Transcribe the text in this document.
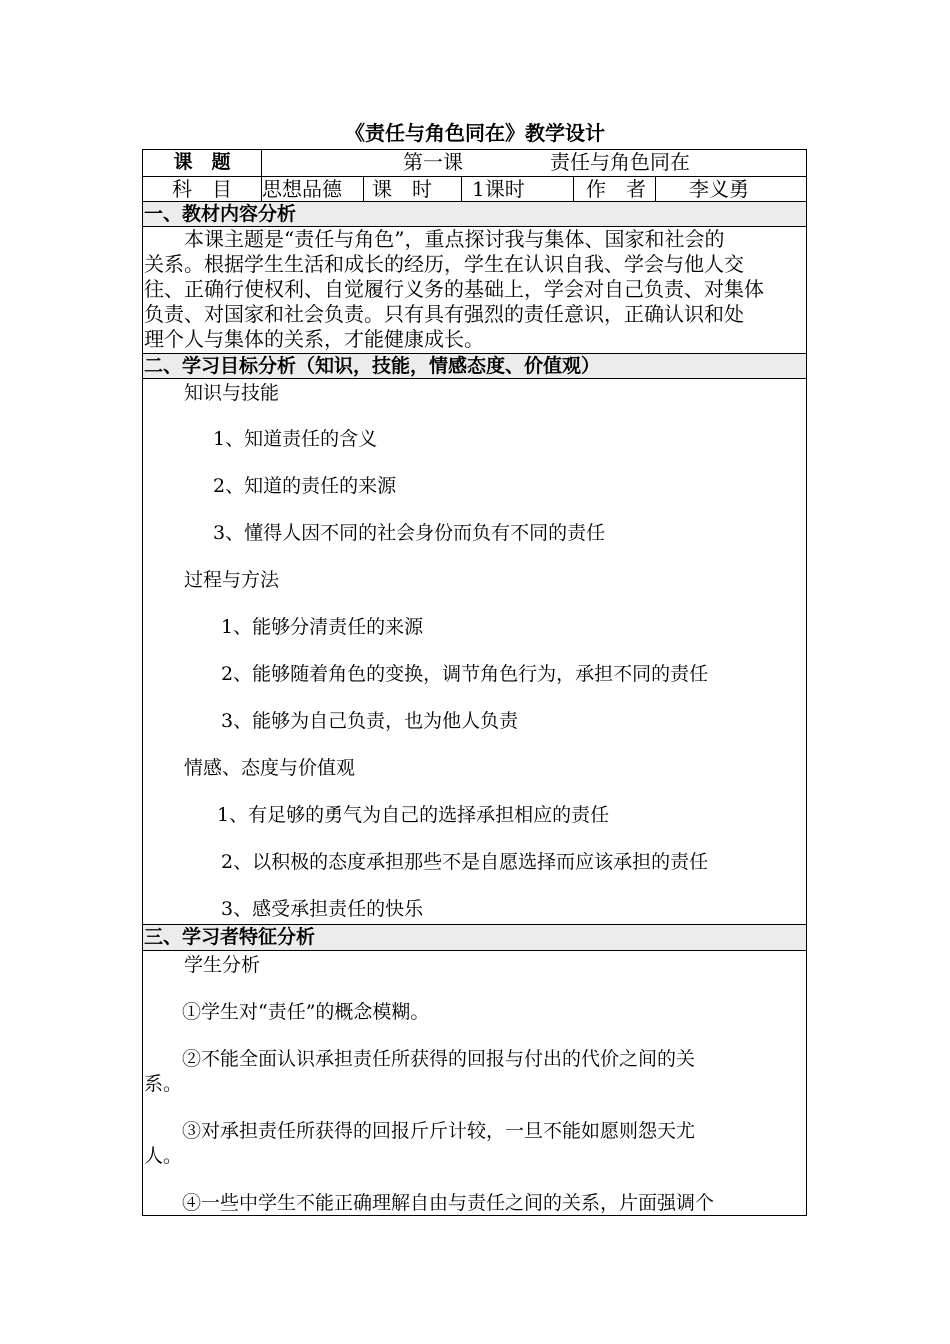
《责任与角色同在》教学设计
课　题	第一课	责任与角色同在
科　目	思想品德	课　时	1课时	作　者	李义勇
一、教材内容分析
本课主题是“责任与角色”，重点探讨我与集体、国家和社会的
关系。根据学生生活和成长的经历，学生在认识自我、学会与他人交
往、正确行使权利、自觉履行义务的基础上，学会对自己负责、对集体
负责、对国家和社会负责。只有具有强烈的责任意识，正确认识和处
理个人与集体的关系，才能健康成长。
二、学习目标分析（知识，技能，情感态度、价值观）
知识与技能
1、知道责任的含义
2、知道的责任的来源
3、懂得人因不同的社会身份而负有不同的责任
过程与方法
1、能够分清责任的来源
2、能够随着角色的变换，调节角色行为，承担不同的责任
3、能够为自己负责，也为他人负责
情感、态度与价值观
1、有足够的勇气为自己的选择承担相应的责任
2、以积极的态度承担那些不是自愿选择而应该承担的责任
3、感受承担责任的快乐
三、学习者特征分析
学生分析
①学生对“责任”的概念模糊。
②不能全面认识承担责任所获得的回报与付出的代价之间的关
系。
③对承担责任所获得的回报斤斤计较，一旦不能如愿则怨天尤
人。
④一些中学生不能正确理解自由与责任之间的关系，片面强调个
